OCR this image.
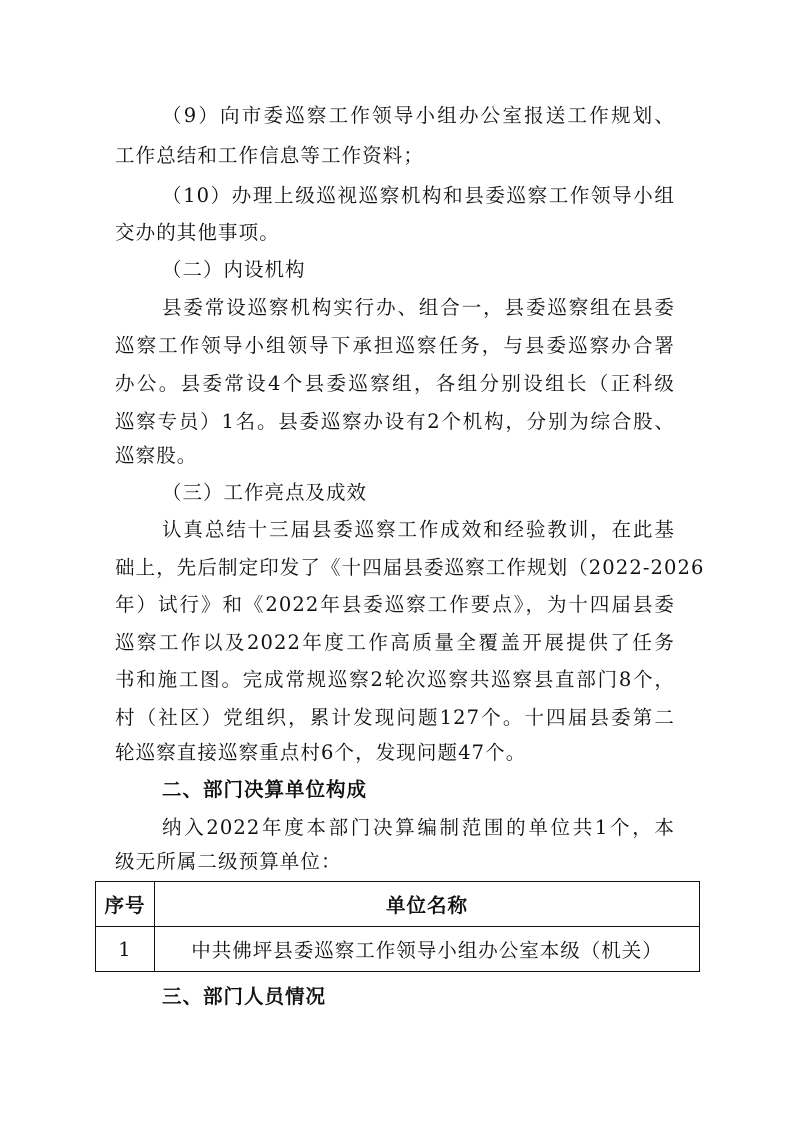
（9）向市委巡察工作领导小组办公室报送工作规划、
工作总结和工作信息等工作资料；
（10）办理上级巡视巡察机构和县委巡察工作领导小组
交办的其他事项。
（二）内设机构
县委常设巡察机构实行办、组合一，县委巡察组在县委
巡察工作领导小组领导下承担巡察任务，与县委巡察办合署
办公。县委常设4个县委巡察组，各组分别设组长（正科级
巡察专员）1名。县委巡察办设有2个机构，分别为综合股、
巡察股。
（三）工作亮点及成效
认真总结十三届县委巡察工作成效和经验教训，在此基
础上，先后制定印发了《十四届县委巡察工作规划（2022-2026
年）试行》和《2022年县委巡察工作要点》，为十四届县委
巡察工作以及2022年度工作高质量全覆盖开展提供了任务
书和施工图。完成常规巡察2轮次巡察共巡察县直部门8个，
村（社区）党组织，累计发现问题127个。十四届县委第二
轮巡察直接巡察重点村6个，发现问题47个。
二、部门决算单位构成
纳入2022年度本部门决算编制范围的单位共1个，本
级无所属二级预算单位：
序号	单位名称
1	中共佛坪县委巡察工作领导小组办公室本级（机关）
三、部门人员情况
